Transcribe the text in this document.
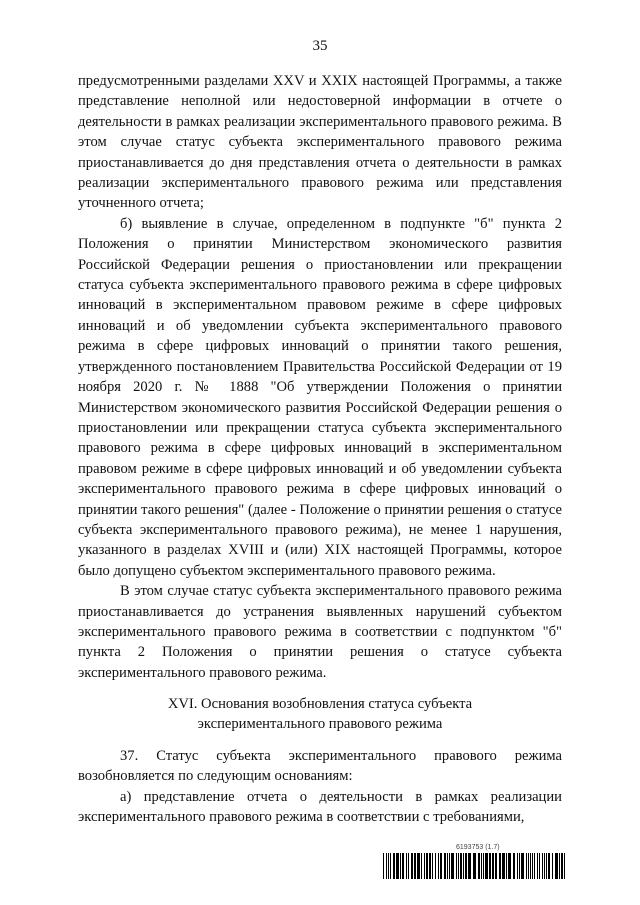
35

предусмотренными разделами XXV и XXIX настоящей Программы, а также представление неполной или недостоверной информации в отчете о деятельности в рамках реализации экспериментального правового режима. В этом случае статус субъекта экспериментального правового режима приостанавливается до дня представления отчета о деятельности в рамках реализации экспериментального правового режима или представления уточненного отчета;

б) выявление в случае, определенном в подпункте "б" пункта 2 Положения о принятии Министерством экономического развития Российской Федерации решения о приостановлении или прекращении статуса субъекта экспериментального правового режима в сфере цифровых инноваций в экспериментальном правовом режиме в сфере цифровых инноваций и об уведомлении субъекта экспериментального правового режима в сфере цифровых инноваций о принятии такого решения, утвержденного постановлением Правительства Российской Федерации от 19 ноября 2020 г. № 1888 "Об утверждении Положения о принятии Министерством экономического развития Российской Федерации решения о приостановлении или прекращении статуса субъекта экспериментального правового режима в сфере цифровых инноваций в экспериментальном правовом режиме в сфере цифровых инноваций и об уведомлении субъекта экспериментального правового режима в сфере цифровых инноваций о принятии такого решения" (далее - Положение о принятии решения о статусе субъекта экспериментального правового режима), не менее 1 нарушения, указанного в разделах XVIII и (или) XIX настоящей Программы, которое было допущено субъектом экспериментального правового режима.

В этом случае статус субъекта экспериментального правового режима приостанавливается до устранения выявленных нарушений субъектом экспериментального правового режима в соответствии с подпунктом "б" пункта 2 Положения о принятии решения о статусе субъекта экспериментального правового режима.

XVI. Основания возобновления статуса субъекта
экспериментального правового режима

37. Статус субъекта экспериментального правового режима возобновляется по следующим основаниям:

а) представление отчета о деятельности в рамках реализации экспериментального правового режима в соответствии с требованиями,

6193753 (1.7)
